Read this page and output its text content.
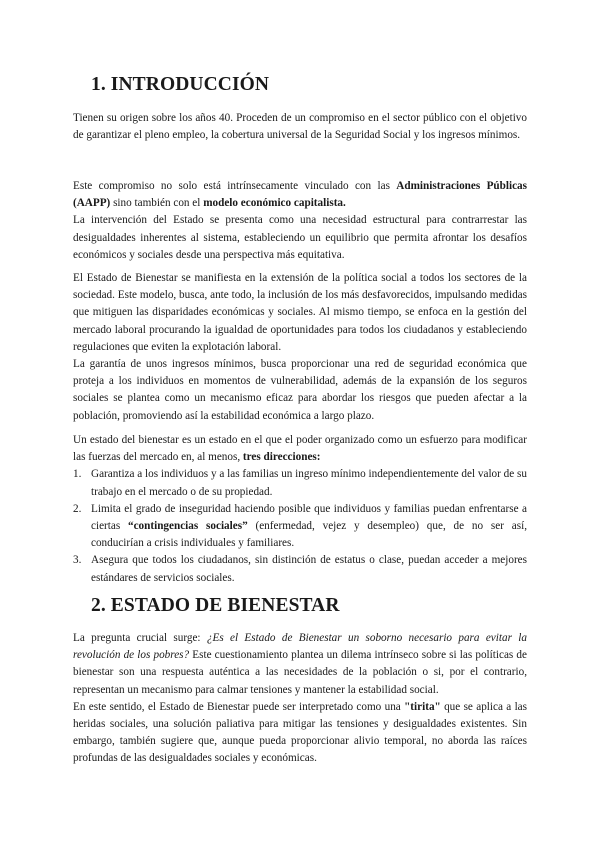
1. INTRODUCCIÓN

Tienen su origen sobre los años 40. Proceden de un compromiso en el sector público con el objetivo de garantizar el pleno empleo, la cobertura universal de la Seguridad Social y los ingresos mínimos.

Este compromiso no solo está intrínsecamente vinculado con las Administraciones Públicas (AAPP) sino también con el modelo económico capitalista.

La intervención del Estado se presenta como una necesidad estructural para contrarrestar las desigualdades inherentes al sistema, estableciendo un equilibrio que permita afrontar los desafíos económicos y sociales desde una perspectiva más equitativa.

El Estado de Bienestar se manifiesta en la extensión de la política social a todos los sectores de la sociedad. Este modelo, busca, ante todo, la inclusión de los más desfavorecidos, impulsando medidas que mitiguen las disparidades económicas y sociales. Al mismo tiempo, se enfoca en la gestión del mercado laboral procurando la igualdad de oportunidades para todos los ciudadanos y estableciendo regulaciones que eviten la explotación laboral.

La garantía de unos ingresos mínimos, busca proporcionar una red de seguridad económica que proteja a los individuos en momentos de vulnerabilidad, además de la expansión de los seguros sociales se plantea como un mecanismo eficaz para abordar los riesgos que pueden afectar a la población, promoviendo así la estabilidad económica a largo plazo.

Un estado del bienestar es un estado en el que el poder organizado como un esfuerzo para modificar las fuerzas del mercado en, al menos, tres direcciones:

1. Garantiza a los individuos y a las familias un ingreso mínimo independientemente del valor de su trabajo en el mercado o de su propiedad.
2. Limita el grado de inseguridad haciendo posible que individuos y familias puedan enfrentarse a ciertas “contingencias sociales” (enfermedad, vejez y desempleo) que, de no ser así, conducirían a crisis individuales y familiares.
3. Asegura que todos los ciudadanos, sin distinción de estatus o clase, puedan acceder a mejores estándares de servicios sociales.
2. ESTADO DE BIENESTAR

La pregunta crucial surge: ¿Es el Estado de Bienestar un soborno necesario para evitar la revolución de los pobres? Este cuestionamiento plantea un dilema intrínseco sobre si las políticas de bienestar son una respuesta auténtica a las necesidades de la población o si, por el contrario, representan un mecanismo para calmar tensiones y mantener la estabilidad social.

En este sentido, el Estado de Bienestar puede ser interpretado como una "tirita" que se aplica a las heridas sociales, una solución paliativa para mitigar las tensiones y desigualdades existentes. Sin embargo, también sugiere que, aunque pueda proporcionar alivio temporal, no aborda las raíces profundas de las desigualdades sociales y económicas.
